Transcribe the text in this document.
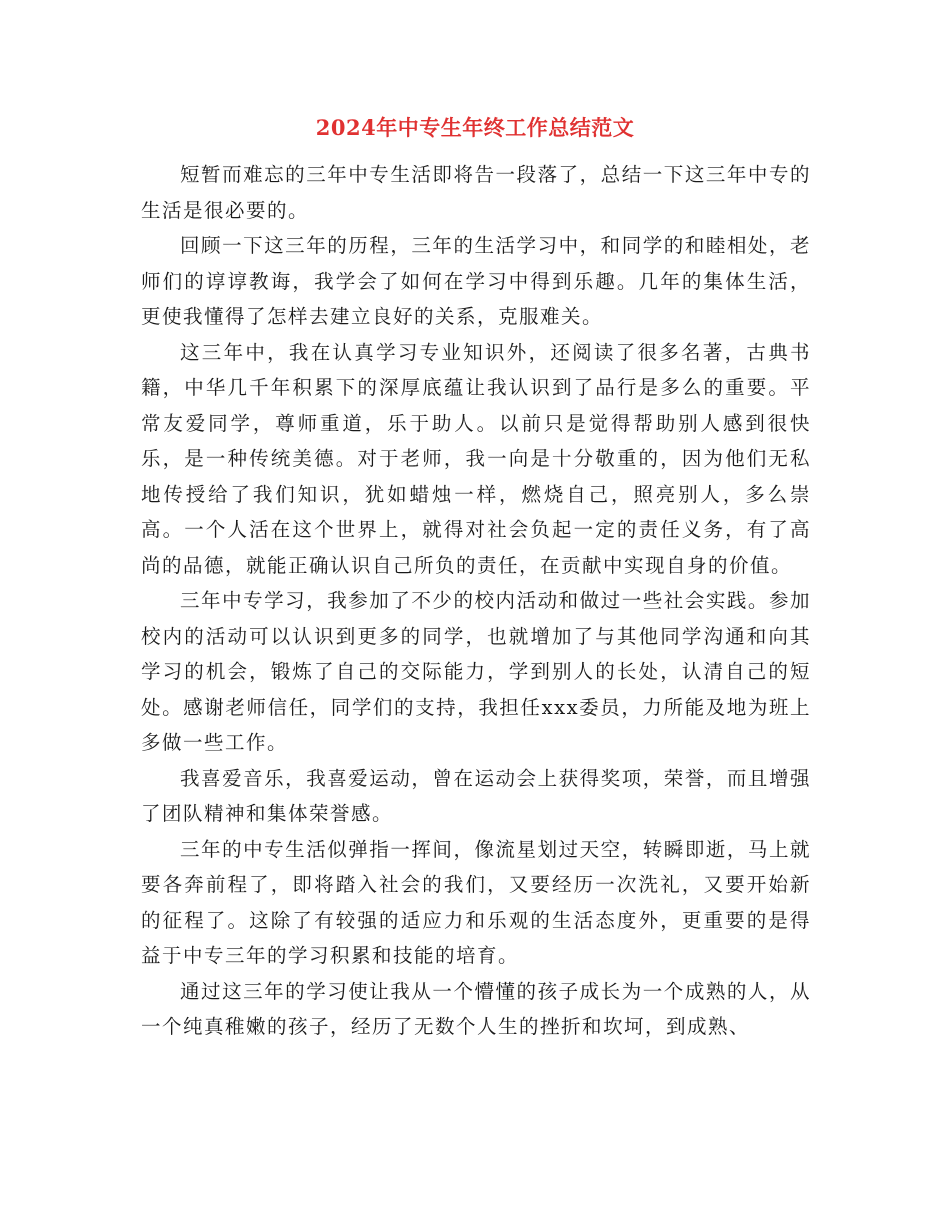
2024年中专生年终工作总结范文

短暂而难忘的三年中专生活即将告一段落了，总结一下这三年中专的生活是很必要的。

回顾一下这三年的历程，三年的生活学习中，和同学的和睦相处，老师们的谆谆教诲，我学会了如何在学习中得到乐趣。几年的集体生活，更使我懂得了怎样去建立良好的关系，克服难关。

这三年中，我在认真学习专业知识外，还阅读了很多名著，古典书籍，中华几千年积累下的深厚底蕴让我认识到了品行是多么的重要。平常友爱同学，尊师重道，乐于助人。以前只是觉得帮助别人感到很快乐，是一种传统美德。对于老师，我一向是十分敬重的，因为他们无私地传授给了我们知识，犹如蜡烛一样，燃烧自己，照亮别人，多么崇高。一个人活在这个世界上，就得对社会负起一定的责任义务，有了高尚的品德，就能正确认识自己所负的责任，在贡献中实现自身的价值。

三年中专学习，我参加了不少的校内活动和做过一些社会实践。参加校内的活动可以认识到更多的同学，也就增加了与其他同学沟通和向其学习的机会，锻炼了自己的交际能力，学到别人的长处，认清自己的短处。感谢老师信任，同学们的支持，我担任xxx委员，力所能及地为班上多做一些工作。

我喜爱音乐，我喜爱运动，曾在运动会上获得奖项，荣誉，而且增强了团队精神和集体荣誉感。

三年的中专生活似弹指一挥间，像流星划过天空，转瞬即逝，马上就要各奔前程了，即将踏入社会的我们，又要经历一次洗礼，又要开始新的征程了。这除了有较强的适应力和乐观的生活态度外，更重要的是得益于中专三年的学习积累和技能的培育。

通过这三年的学习使让我从一个懵懂的孩子成长为一个成熟的人，从一个纯真稚嫩的孩子，经历了无数个人生的挫折和坎坷，到成熟、
